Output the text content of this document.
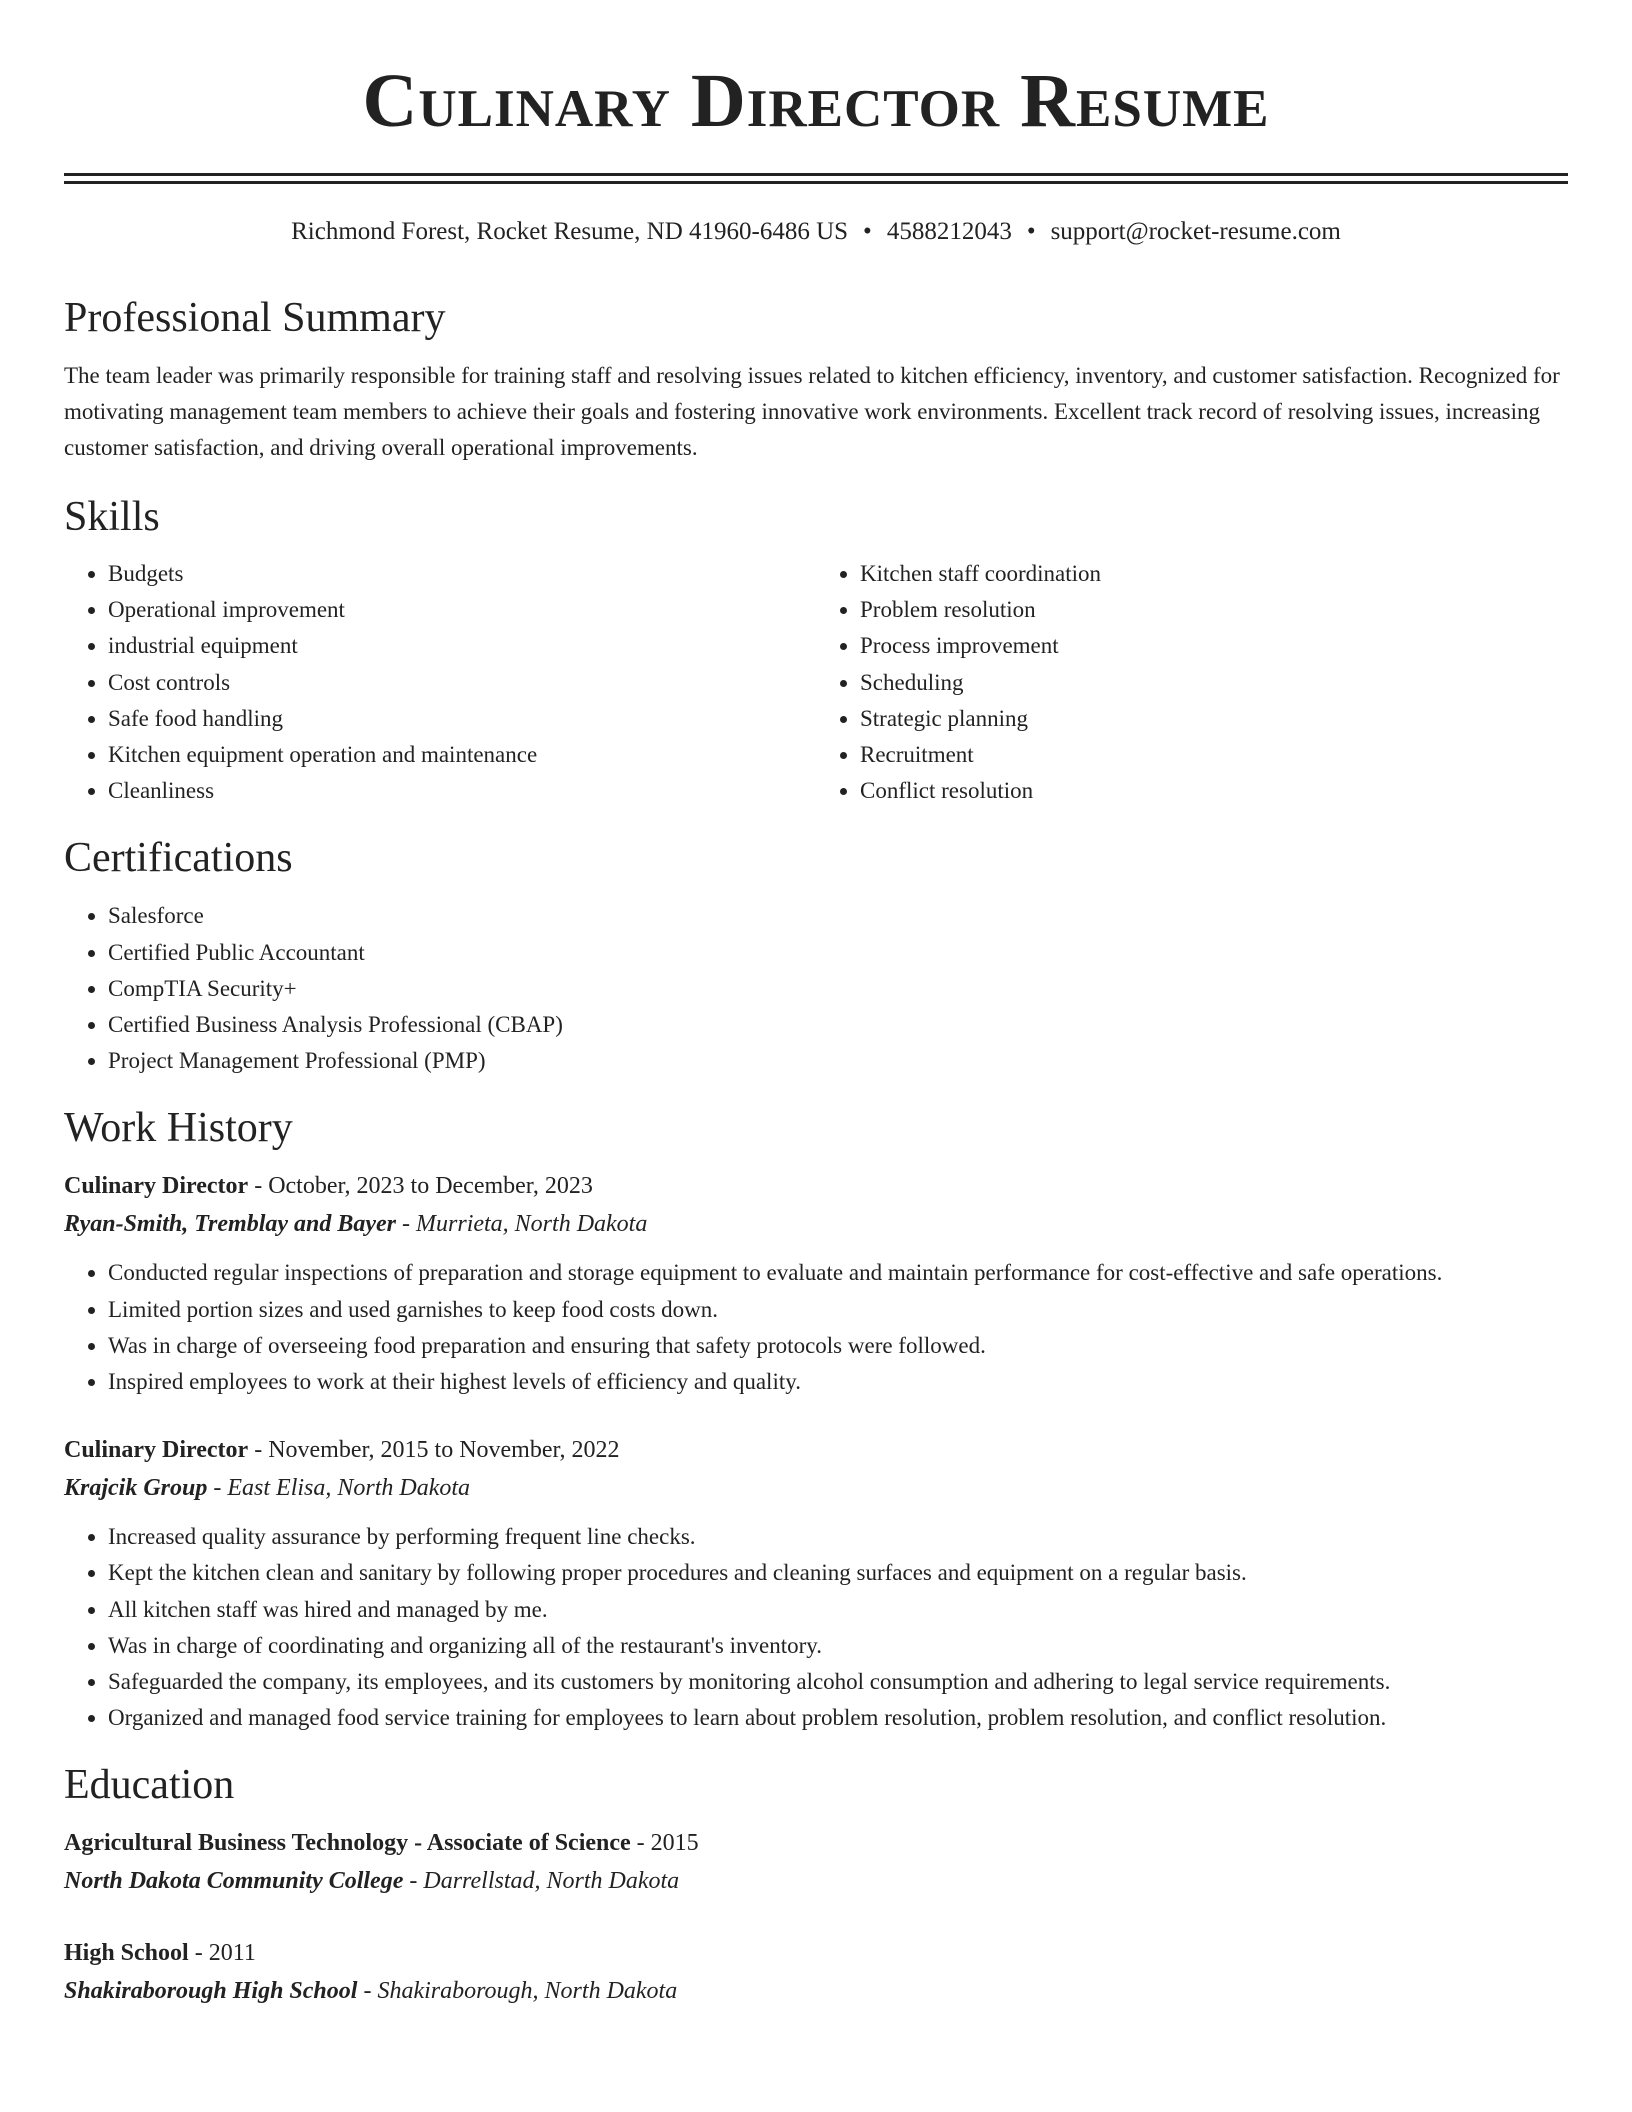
Culinary Director Resume
Richmond Forest, Rocket Resume, ND 41960-6486 US • 4588212043 • support@rocket-resume.com
Professional Summary

The team leader was primarily responsible for training staff and resolving issues related to kitchen efficiency, inventory, and customer satisfaction. Recognized for motivating management team members to achieve their goals and fostering innovative work environments. Excellent track record of resolving issues, increasing customer satisfaction, and driving overall operational improvements.

Skills
• Budgets
• Operational improvement
• industrial equipment
• Cost controls
• Safe food handling
• Kitchen equipment operation and maintenance
• Cleanliness
• Kitchen staff coordination
• Problem resolution
• Process improvement
• Scheduling
• Strategic planning
• Recruitment
• Conflict resolution
Certifications
• Salesforce
• Certified Public Accountant
• CompTIA Security+
• Certified Business Analysis Professional (CBAP)
• Project Management Professional (PMP)
Work History
Culinary Director - October, 2023 to December, 2023
Ryan-Smith, Tremblay and Bayer - Murrieta, North Dakota
• Conducted regular inspections of preparation and storage equipment to evaluate and maintain performance for cost-effective and safe operations.
• Limited portion sizes and used garnishes to keep food costs down.
• Was in charge of overseeing food preparation and ensuring that safety protocols were followed.
• Inspired employees to work at their highest levels of efficiency and quality.
Culinary Director - November, 2015 to November, 2022
Krajcik Group - East Elisa, North Dakota
• Increased quality assurance by performing frequent line checks.
• Kept the kitchen clean and sanitary by following proper procedures and cleaning surfaces and equipment on a regular basis.
• All kitchen staff was hired and managed by me.
• Was in charge of coordinating and organizing all of the restaurant's inventory.
• Safeguarded the company, its employees, and its customers by monitoring alcohol consumption and adhering to legal service requirements.
• Organized and managed food service training for employees to learn about problem resolution, problem resolution, and conflict resolution.
Education
Agricultural Business Technology - Associate of Science - 2015
North Dakota Community College - Darrellstad, North Dakota
High School - 2011
Shakiraborough High School - Shakiraborough, North Dakota
